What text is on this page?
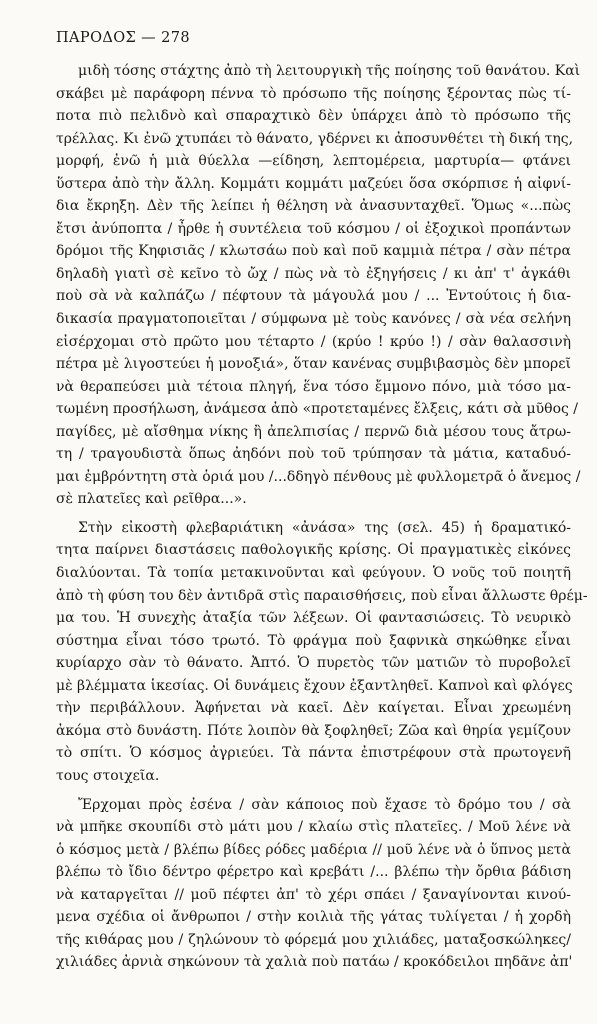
ΠΑΡΟΔΟΣ — 278
μιδὴ τόσης στάχτης ἀπὸ τὴ λειτουργικὴ τῆς ποίησης τοῦ θανάτου. Καὶ
σκάβει μὲ παράφορη πέννα τὸ πρόσωπο τῆς ποίησης ξέροντας πὼς τί-
ποτα πιὸ πελιδνὸ καὶ σπαραχτικὸ δὲν ὑπάρχει ἀπὸ τὸ πρόσωπο τῆς
τρέλλας. Κι ἐνῶ χτυπάει τὸ θάνατο, γδέρνει κι ἀποσυνθέτει τὴ δική της,
μορφή, ἐνῶ ἡ μιὰ θύελλα —είδηση, λεπτομέρεια, μαρτυρία— φτάνει
ὕστερα ἀπὸ τὴν ἄλλη. Κομμάτι κομμάτι μαζεύει ὅσα σκόρπισε ἡ αἰφνί-
δια ἔκρηξη. Δὲν τῆς λείπει ἡ θέληση νὰ ἀνασυνταχθεῖ. Ὅμως «...πὼς
ἔτσι ἀνύποπτα / ἦρθε ἡ συντέλεια τοῦ κόσμου / οἱ ἐξοχικοὶ προπάντων
δρόμοι τῆς Κηφισιᾶς / κλωτσάω ποὺ καὶ ποῦ καμμιὰ πέτρα / σὰν πέτρα
δηλαδὴ γιατὶ σὲ κεῖνο τὸ ὤχ / πὼς νὰ τὸ ἐξηγήσεις / κι ἀπ' τ' ἀγκάθι
ποὺ σὰ νὰ καλπάζω / πέφτουν τὰ μάγουλά μου / ... Ἐντούτοις ἡ δια-
δικασία πραγματοποιεῖται / σύμφωνα μὲ τοὺς κανόνες / σὰ νέα σελήνη
εἰσέρχομαι στὸ πρῶτο μου τέταρτο / (κρύο ! κρύο !) / σὰν θαλασσινὴ
πέτρα μὲ λιγοστεύει ἡ μονοξιά», ὅταν κανένας συμβιβασμὸς δὲν μπορεῖ
νὰ θεραπεύσει μιὰ τέτοια πληγή, ἕνα τόσο ἔμμονο πόνο, μιὰ τόσο μα-
τωμένη προσήλωση, ἀνάμεσα ἀπὸ «προτεταμένες ἔλξεις, κάτι σὰ μῦθος /
παγίδες, μὲ αἴσθημα νίκης ἢ ἀπελπισίας / περνῶ διὰ μέσου τους ἄτρω-
τη / τραγουδιστὰ ὅπως ἀηδόνι ποὺ τοῦ τρύπησαν τὰ μάτια, καταδυό-
μαι ἐμβρόντητη στὰ ὁριά μου /...δδηγὸ πένθους μὲ φυλλομετρᾶ ὁ ἄνεμος /
σὲ πλατεῖες καὶ ρεῖθρα...».
Στὴν εἰκοστὴ φλεβαριάτικη «ἀνάσα» της (σελ. 45) ἡ δραματικό-
τητα παίρνει διαστάσεις παθολογικῆς κρίσης. Οἱ πραγματικὲς εἰκόνες
διαλύονται. Τὰ τοπία μετακινοῦνται καὶ φεύγουν. Ὁ νοῦς τοῦ ποιητῆ
ἀπὸ τὴ φύση του δὲν ἀντιδρᾶ στὶς παραισθήσεις, ποὺ εἶναι ἄλλωστε θρέμ-
μα του. Ἡ συνεχὴς ἀταξία τῶν λέξεων. Οἱ φαντασιώσεις. Τὸ νευρικὸ
σύστημα εἶναι τόσο τρωτό. Τὸ φράγμα ποὺ ξαφνικὰ σηκώθηκε εἶναι
κυρίαρχο σὰν τὸ θάνατο. Ἀπτό. Ὁ πυρετὸς τῶν ματιῶν τὸ πυροβολεῖ
μὲ βλέμματα ἱκεσίας. Οἱ δυνάμεις ἔχουν ἐξαντληθεῖ. Καπνοὶ καὶ φλόγες
τὴν περιβάλλουν. Ἀφήνεται νὰ καεῖ. Δὲν καίγεται. Εἶναι χρεωμένη
ἀκόμα στὸ δυνάστη. Πότε λοιπὸν θὰ ξοφληθεῖ; Ζῶα καὶ θηρία γεμίζουν
τὸ σπίτι. Ὁ κόσμος ἀγριεύει. Τὰ πάντα ἐπιστρέφουν στὰ πρωτογενῆ
τους στοιχεῖα.
Ἔρχομαι πρὸς ἐσένα / σὰν κάποιος ποὺ ἔχασε τὸ δρόμο του / σὰ
νὰ μπῆκε σκουπίδι στὸ μάτι μου / κλαίω στὶς πλατεῖες. / Μοῦ λένε νὰ
ὁ κόσμος μετὰ / βλέπω βίδες ρόδες μαδέρια // μοῦ λένε νὰ ὁ ὕπνος μετὰ
βλέπω τὸ ἴδιο δέντρο φέρετρο καὶ κρεβάτι /... βλέπω τὴν ὄρθια βάδιση
νὰ καταργεῖται // μοῦ πέφτει ἀπ' τὸ χέρι σπάει / ξαναγίνονται κινού-
μενα σχέδια οἱ ἄνθρωποι / στὴν κοιλιὰ τῆς γάτας τυλίγεται / ἡ χορδὴ
τῆς κιθάρας μου / ζηλώνουν τὸ φόρεμά μου χιλιάδες, ματαξοσκώληκες/
χιλιάδες ἀρνιὰ σηκώνουν τὰ χαλιὰ ποὺ πατάω / κροκόδειλοι πηδᾶνε ἀπ'
